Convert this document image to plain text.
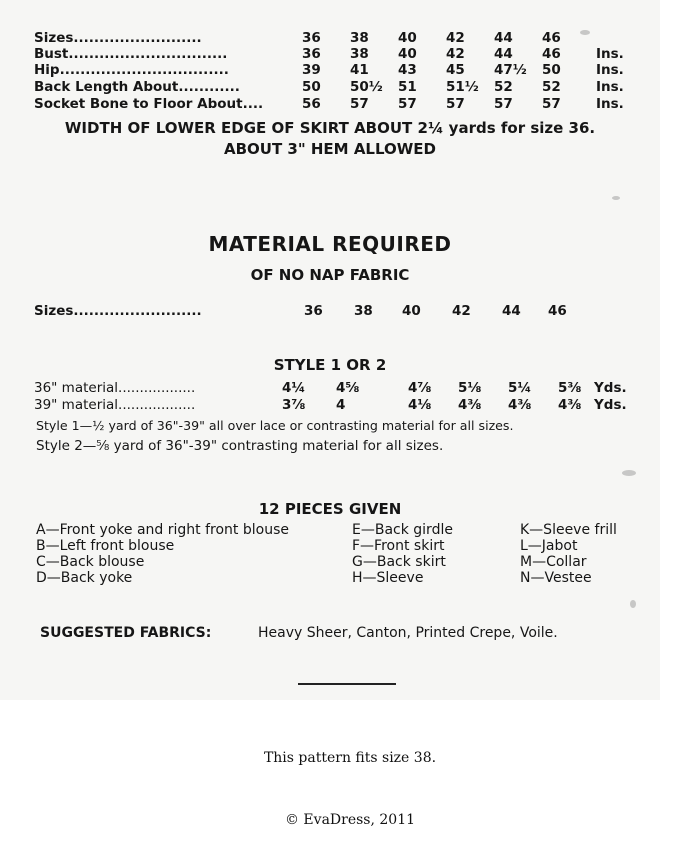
Sizes.........................	36 38 40 42 44 46
Bust...............................	36 38 40 42 44 46	Ins.
Hip.................................	39 41 43 45 47½ 50	Ins.
Back Length About............	50 50½ 51 51½ 52 52	Ins.
Socket Bone to Floor About....	56 57 57 57 57 57	Ins.
WIDTH OF LOWER EDGE OF SKIRT ABOUT 2¼ yards for size 36.
ABOUT 3" HEM ALLOWED
MATERIAL REQUIRED
OF NO NAP FABRIC
Sizes.........................	36 38 40 42 44 46
STYLE 1 OR 2
36" material..................	4¼ 4⅝	4⅞ 5⅛ 5¼ 5⅜ Yds.
39" material..................	3⅞ 4	4⅛ 4⅜ 4⅜ 4⅜ Yds.
Style 1—½ yard of 36"-39" all over lace or contrasting material for all sizes.
Style 2—⅝ yard of 36"-39" contrasting material for all sizes.
12 PIECES GIVEN
A—Front yoke and right front blouse
B—Left front blouse
C—Back blouse
D—Back yoke
E—Back girdle
F—Front skirt
G—Back skirt
H—Sleeve
K—Sleeve frill
L—Jabot
M—Collar
N—Vestee
SUGGESTED FABRICS:	Heavy Sheer, Canton, Printed Crepe, Voile.
This pattern fits size 38.
© EvaDress, 2011
